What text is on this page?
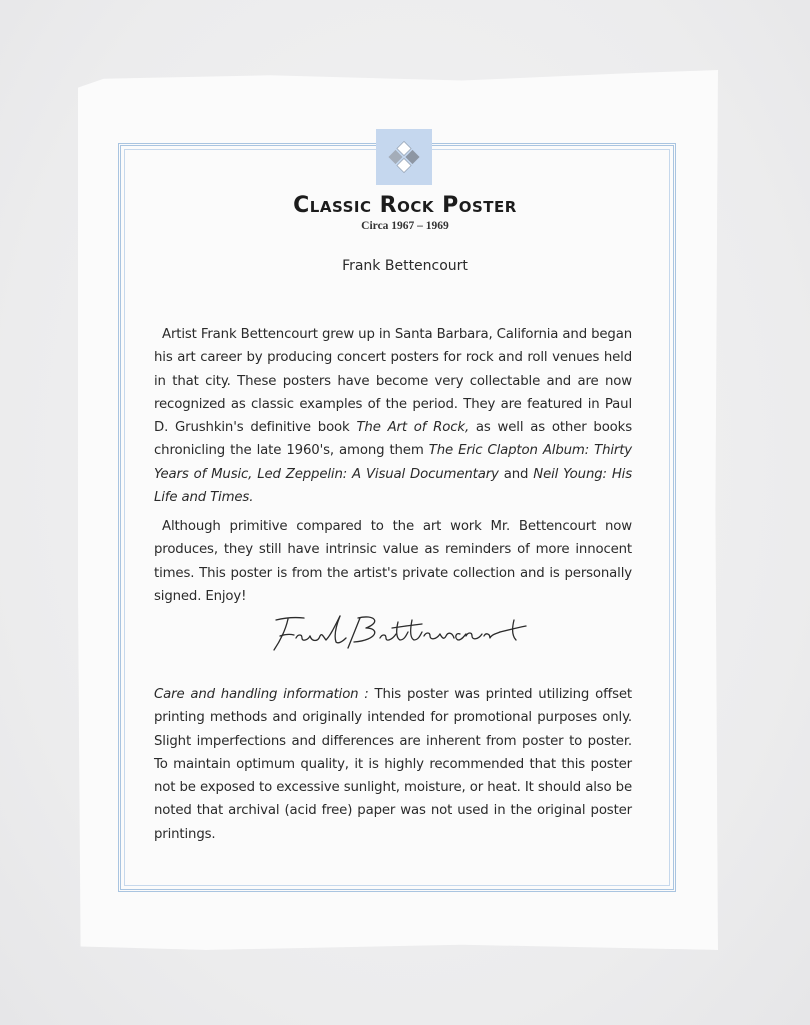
Classic Rock Poster
Circa 1967 – 1969
Frank Bettencourt
Artist Frank Bettencourt grew up in Santa Barbara, California and began his art career by producing concert posters for rock and roll venues held in that city. These posters have become very collectable and are now recognized as classic examples of the period. They are featured in Paul D. Grushkin's definitive book The Art of Rock, as well as other books chronicling the late 1960's, among them The Eric Clapton Album: Thirty Years of Music, Led Zeppelin: A Visual Documentary and Neil Young: His Life and Times.
Although primitive compared to the art work Mr. Bettencourt now produces, they still have intrinsic value as reminders of more innocent times. This poster is from the artist's private collection and is personally signed. Enjoy!
Care and handling information : This poster was printed utilizing offset printing methods and originally intended for promotional purposes only. Slight imperfections and differences are inherent from poster to poster. To maintain optimum quality, it is highly recommended that this poster not be exposed to excessive sunlight, moisture, or heat. It should also be noted that archival (acid free) paper was not used in the original poster printings.
